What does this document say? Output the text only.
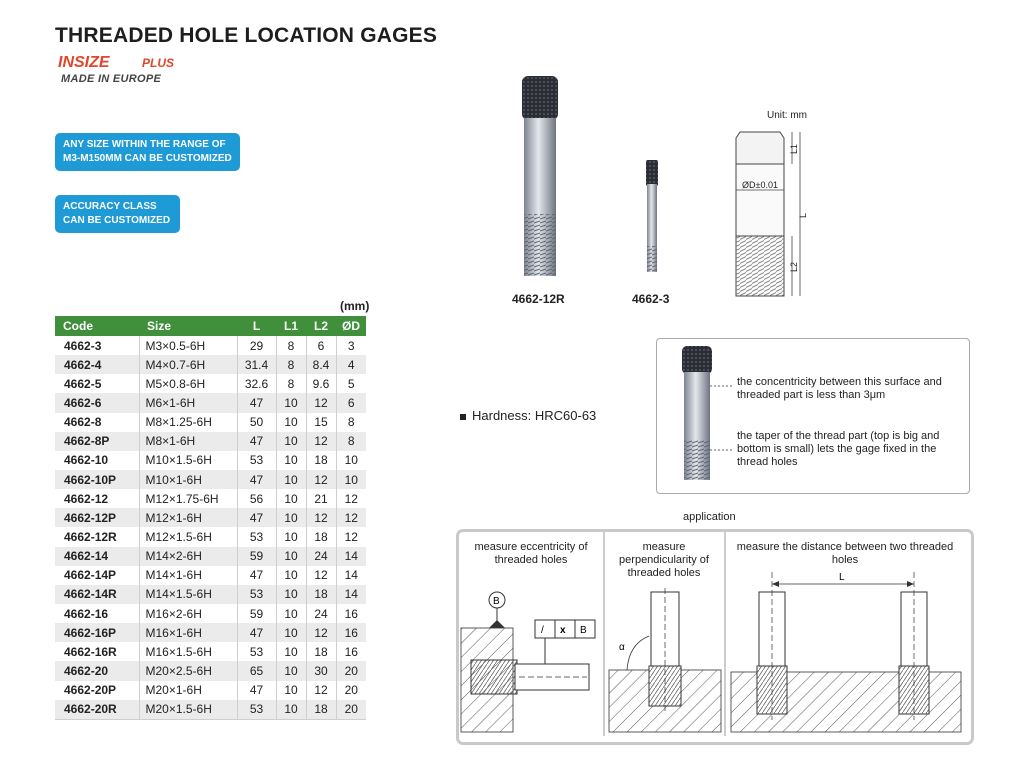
THREADED HOLE LOCATION GAGES
INSIZE	PLUS
MADE IN EUROPE
ANY SIZE WITHIN THE RANGE OF M3-M150MM CAN BE CUSTOMIZED
ACCURACY CLASS CAN BE CUSTOMIZED
(mm)
Code	Size	L	L1	L2	ØD
4662-3	M3×0.5-6H	29	8	6	3
4662-4	M4×0.7-6H	31.4	8	8.4	4
4662-5	M5×0.8-6H	32.6	8	9.6	5
4662-6	M6×1-6H	47	10	12	6
4662-8	M8×1.25-6H	50	10	15	8
4662-8P	M8×1-6H	47	10	12	8
4662-10	M10×1.5-6H	53	10	18	10
4662-10P	M10×1-6H	47	10	12	10
4662-12	M12×1.75-6H	56	10	21	12
4662-12P	M12×1-6H	47	10	12	12
4662-12R	M12×1.5-6H	53	10	18	12
4662-14	M14×2-6H	59	10	24	14
4662-14P	M14×1-6H	47	10	12	14
4662-14R	M14×1.5-6H	53	10	18	14
4662-16	M16×2-6H	59	10	24	16
4662-16P	M16×1-6H	47	10	12	16
4662-16R	M16×1.5-6H	53	10	18	16
4662-20	M20×2.5-6H	65	10	30	20
4662-20P	M20×1-6H	47	10	12	20
4662-20R	M20×1.5-6H	53	10	18	20
4662-12R	4662-3
Unit: mm
ØD±0.01
L1
L
L2
Hardness: HRC60-63
the concentricity between this surface and threaded part is less than 3μm
the taper of the thread part (top is big and bottom is small) lets the gage fixed in the thread holes
application
B
/ x B
α
L
measure eccentricity of threaded holes
measure perpendicularity of threaded holes
measure the distance between two threaded holes
